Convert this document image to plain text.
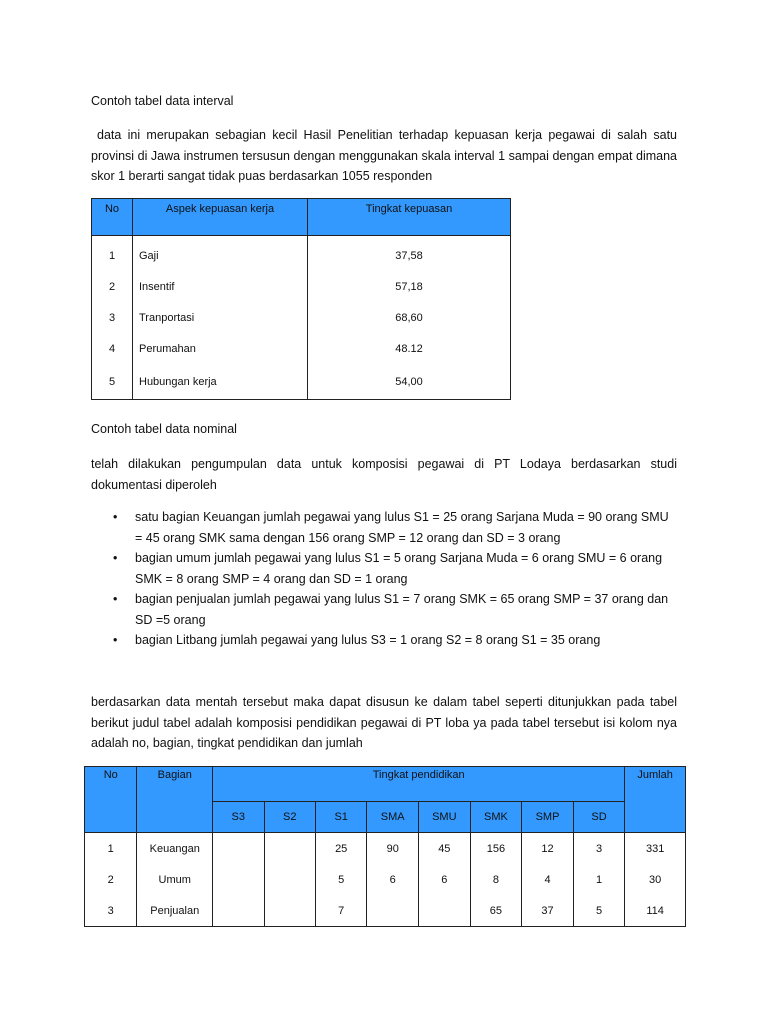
Contoh tabel data interval
data ini merupakan sebagian kecil Hasil Penelitian terhadap kepuasan kerja pegawai di salah satu provinsi di Jawa instrumen tersusun dengan menggunakan skala interval 1 sampai dengan empat dimana skor 1 berarti sangat tidak puas berdasarkan 1055 responden
No	Aspek kepuasan kerja	Tingkat kepuasan
1	Gaji	37,58
2	Insentif	57,18
3	Tranportasi	68,60
4	Perumahan	48.12
5	Hubungan kerja	54,00
Contoh tabel data nominal
telah dilakukan pengumpulan data untuk komposisi pegawai di PT Lodaya berdasarkan studi dokumentasi diperoleh
• satu bagian Keuangan jumlah pegawai yang lulus S1 = 25 orang Sarjana Muda = 90 orang SMU = 45 orang SMK sama dengan 156 orang SMP = 12 orang dan SD = 3 orang
• bagian umum jumlah pegawai yang lulus S1 = 5 orang Sarjana Muda = 6 orang SMU = 6 orang SMK = 8 orang SMP = 4 orang dan SD = 1 orang
• bagian penjualan jumlah pegawai yang lulus S1 = 7 orang SMK = 65 orang SMP = 37 orang dan SD =5 orang
• bagian Litbang jumlah pegawai yang lulus S3 = 1 orang S2 = 8 orang S1 = 35 orang
berdasarkan data mentah tersebut maka dapat disusun ke dalam tabel seperti ditunjukkan pada tabel berikut judul tabel adalah komposisi pendidikan pegawai di PT loba ya pada tabel tersebut isi kolom nya adalah no, bagian, tingkat pendidikan dan jumlah
No	Bagian	Tingkat pendidikan								Jumlah
		S3	S2	S1	SMA	SMU	SMK	SMP	SD	
1	Keuangan			25	90	45	156	12	3	331
2	Umum			5	6	6	8	4	1	30
3	Penjualan			7			65	37	5	114
